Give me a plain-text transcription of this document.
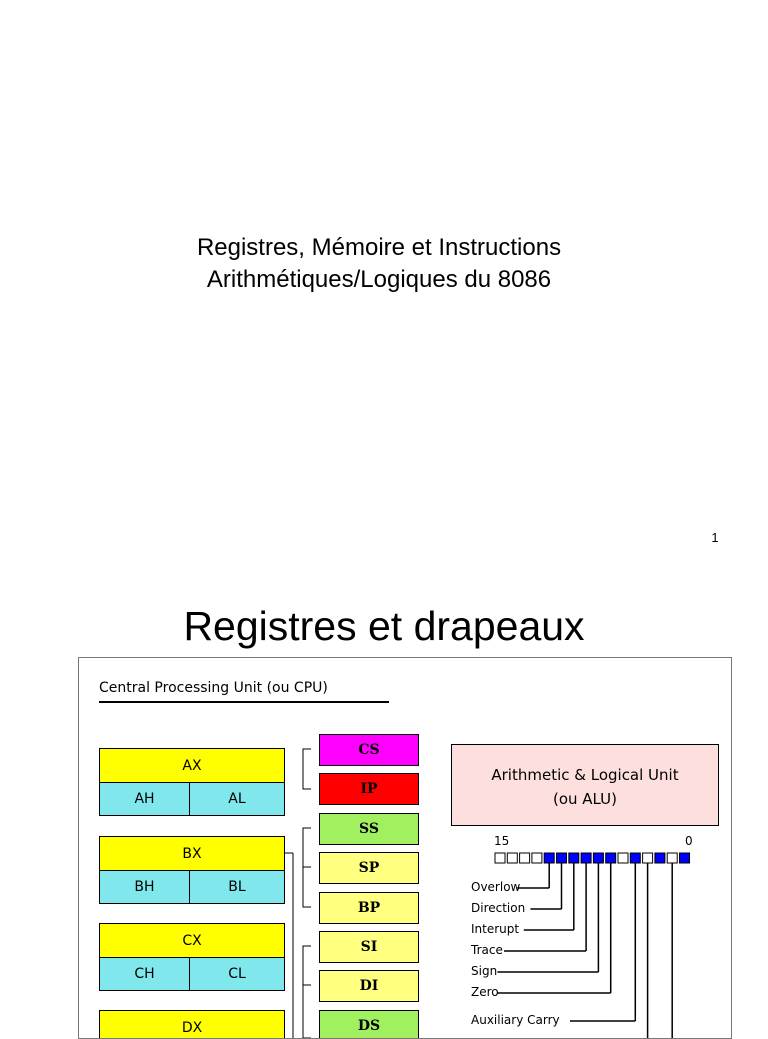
Registres, Mémoire et Instructions
Arithmétiques/Logiques du 8086
1
Registres et drapeaux
Central Processing Unit (ou CPU)
AX
AH	AL
BX
BH	BL
CX
CH	CL
DX
CS
IP
SS
SP
BP
SI
DI
DS
Arithmetic & Logical Unit
(ou ALU)
15	0
Overlow
Direction
Interupt
Trace
Sign
Zero
Auxiliary Carry
